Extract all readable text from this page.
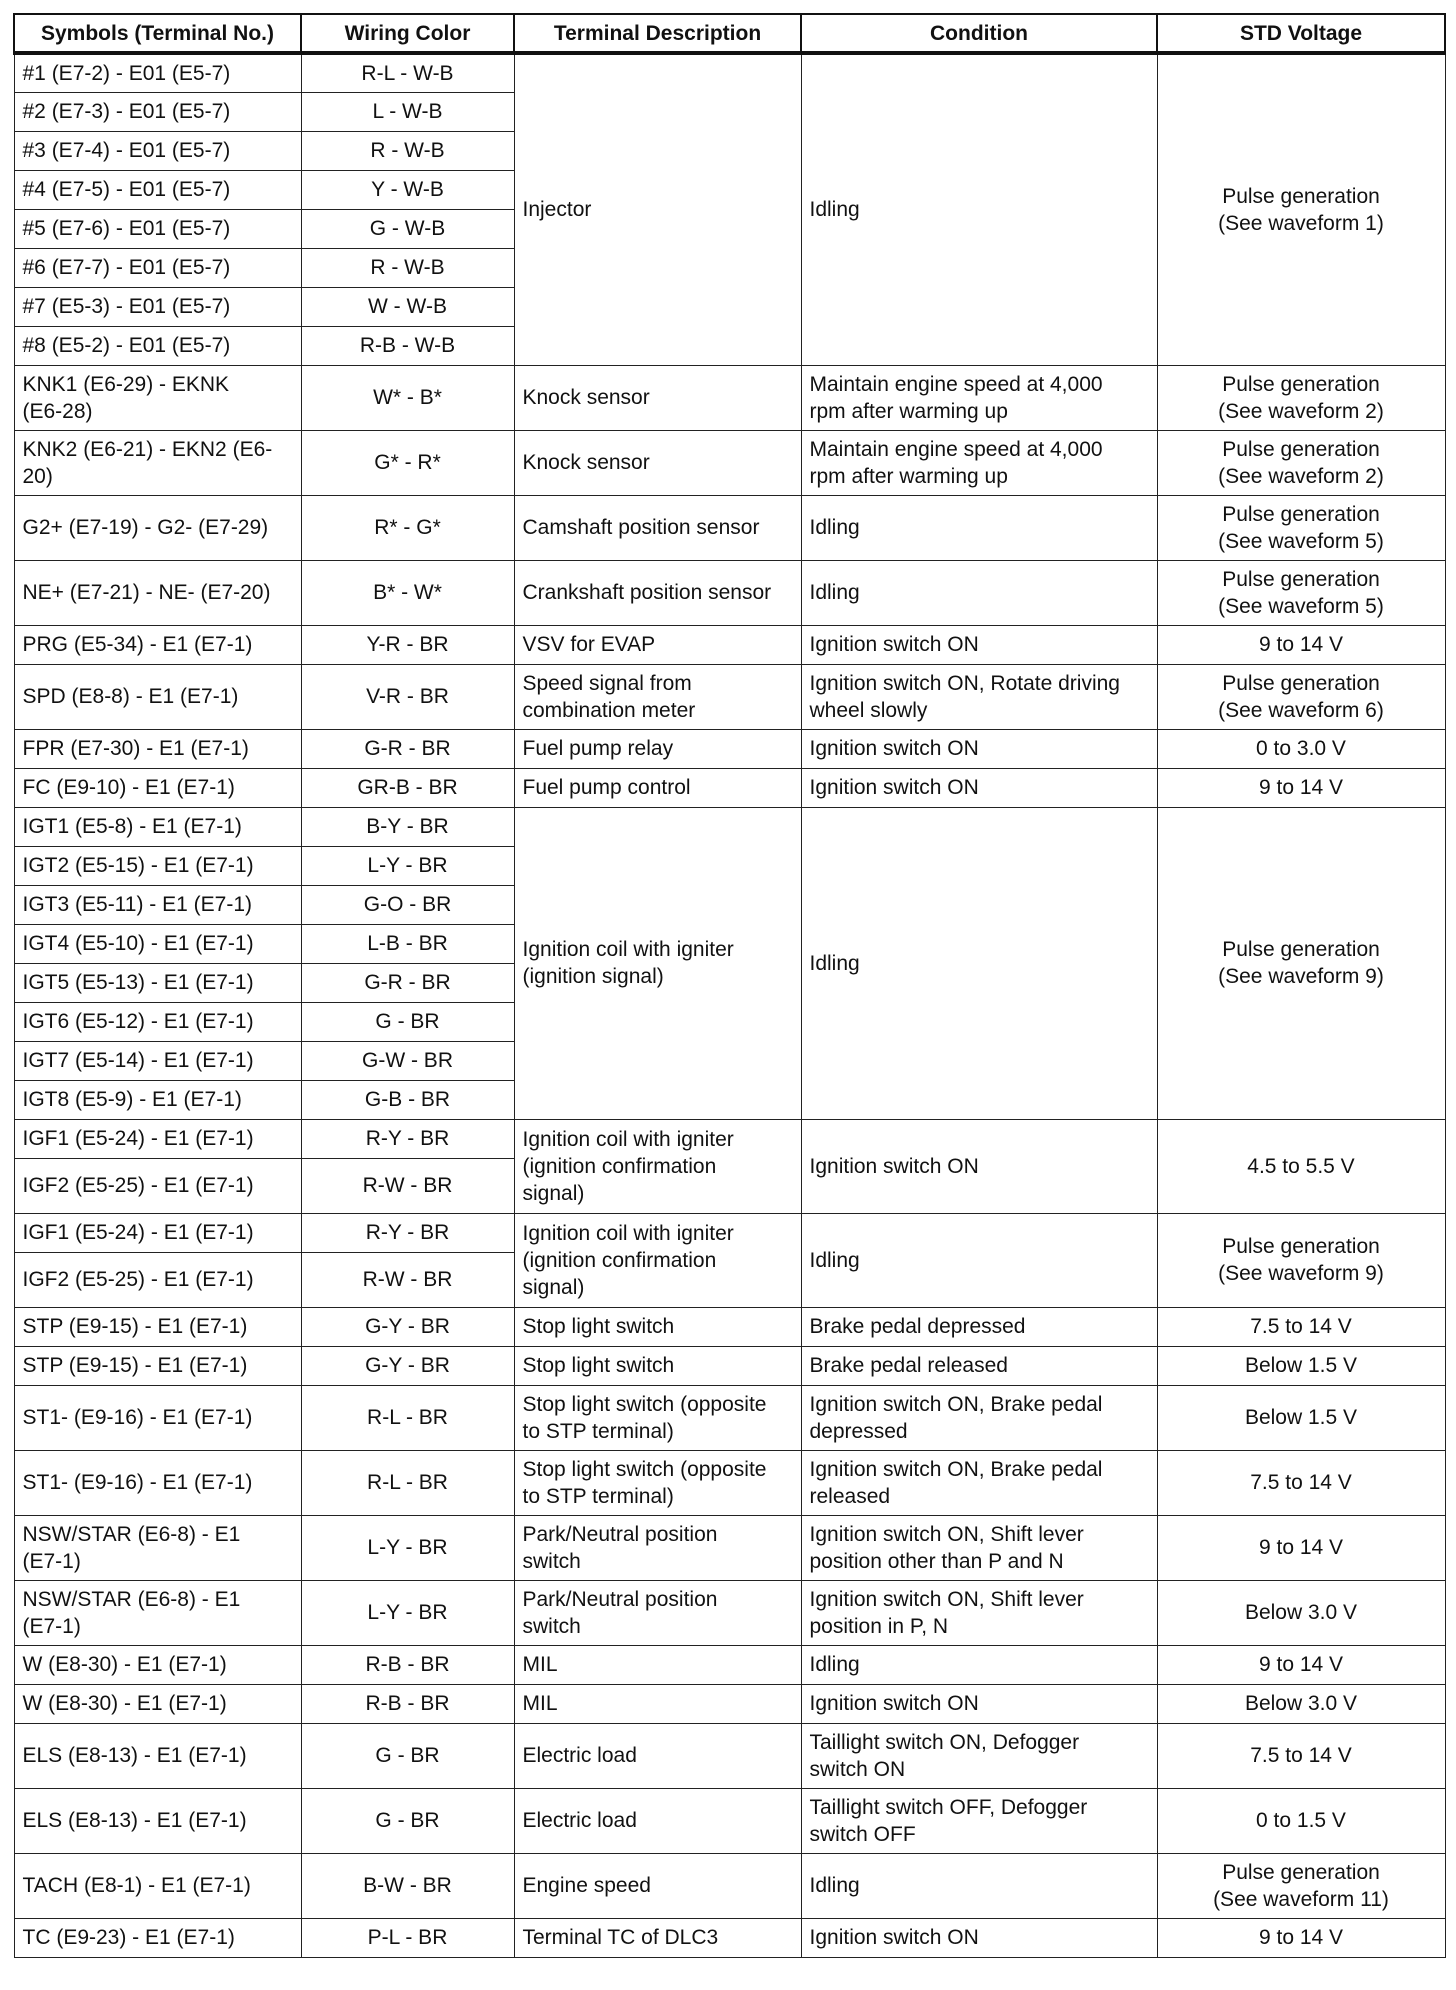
Symbols (Terminal No.)	Wiring Color	Terminal Description	Condition	STD Voltage
#1 (E7-2) - E01 (E5-7)	R-L - W-B	Injector	Idling	Pulse generation
(See waveform 1)
#2 (E7-3) - E01 (E5-7)	L - W-B			
#3 (E7-4) - E01 (E5-7)	R - W-B			
#4 (E7-5) - E01 (E5-7)	Y - W-B			
#5 (E7-6) - E01 (E5-7)	G - W-B			
#6 (E7-7) - E01 (E5-7)	R - W-B			
#7 (E5-3) - E01 (E5-7)	W - W-B			
#8 (E5-2) - E01 (E5-7)	R-B - W-B			
KNK1 (E6-29) - EKNK
(E6-28)	W* - B*	Knock sensor	Maintain engine speed at 4,000
rpm after warming up	Pulse generation
(See waveform 2)
KNK2 (E6-21) - EKN2 (E6-
20)	G* - R*	Knock sensor	Maintain engine speed at 4,000
rpm after warming up	Pulse generation
(See waveform 2)
G2+ (E7-19) - G2- (E7-29)	R* - G*	Camshaft position sensor	Idling	Pulse generation
(See waveform 5)
NE+ (E7-21) - NE- (E7-20)	B* - W*	Crankshaft position sensor	Idling	Pulse generation
(See waveform 5)
PRG (E5-34) - E1 (E7-1)	Y-R - BR	VSV for EVAP	Ignition switch ON	9 to 14 V
SPD (E8-8) - E1 (E7-1)	V-R - BR	Speed signal from
combination meter	Ignition switch ON, Rotate driving
wheel slowly	Pulse generation
(See waveform 6)
FPR (E7-30) - E1 (E7-1)	G-R - BR	Fuel pump relay	Ignition switch ON	0 to 3.0 V
FC (E9-10) - E1 (E7-1)	GR-B - BR	Fuel pump control	Ignition switch ON	9 to 14 V
IGT1 (E5-8) - E1 (E7-1)	B-Y - BR	Ignition coil with igniter
(ignition signal)	Idling	Pulse generation
(See waveform 9)
IGT2 (E5-15) - E1 (E7-1)	L-Y - BR			
IGT3 (E5-11) - E1 (E7-1)	G-O - BR			
IGT4 (E5-10) - E1 (E7-1)	L-B - BR			
IGT5 (E5-13) - E1 (E7-1)	G-R - BR			
IGT6 (E5-12) - E1 (E7-1)	G - BR			
IGT7 (E5-14) - E1 (E7-1)	G-W - BR			
IGT8 (E5-9) - E1 (E7-1)	G-B - BR			
IGF1 (E5-24) - E1 (E7-1)	R-Y - BR	Ignition coil with igniter
(ignition confirmation
signal)	Ignition switch ON	4.5 to 5.5 V
IGF2 (E5-25) - E1 (E7-1)	R-W - BR			
IGF1 (E5-24) - E1 (E7-1)	R-Y - BR	Ignition coil with igniter
(ignition confirmation
signal)	Idling	Pulse generation
(See waveform 9)
IGF2 (E5-25) - E1 (E7-1)	R-W - BR			
STP (E9-15) - E1 (E7-1)	G-Y - BR	Stop light switch	Brake pedal depressed	7.5 to 14 V
STP (E9-15) - E1 (E7-1)	G-Y - BR	Stop light switch	Brake pedal released	Below 1.5 V
ST1- (E9-16) - E1 (E7-1)	R-L - BR	Stop light switch (opposite
to STP terminal)	Ignition switch ON, Brake pedal
depressed	Below 1.5 V
ST1- (E9-16) - E1 (E7-1)	R-L - BR	Stop light switch (opposite
to STP terminal)	Ignition switch ON, Brake pedal
released	7.5 to 14 V
NSW/STAR (E6-8) - E1
(E7-1)	L-Y - BR	Park/Neutral position
switch	Ignition switch ON, Shift lever
position other than P and N	9 to 14 V
NSW/STAR (E6-8) - E1
(E7-1)	L-Y - BR	Park/Neutral position
switch	Ignition switch ON, Shift lever
position in P, N	Below 3.0 V
W (E8-30) - E1 (E7-1)	R-B - BR	MIL	Idling	9 to 14 V
W (E8-30) - E1 (E7-1)	R-B - BR	MIL	Ignition switch ON	Below 3.0 V
ELS (E8-13) - E1 (E7-1)	G - BR	Electric load	Taillight switch ON, Defogger
switch ON	7.5 to 14 V
ELS (E8-13) - E1 (E7-1)	G - BR	Electric load	Taillight switch OFF, Defogger
switch OFF	0 to 1.5 V
TACH (E8-1) - E1 (E7-1)	B-W - BR	Engine speed	Idling	Pulse generation
(See waveform 11)
TC (E9-23) - E1 (E7-1)	P-L - BR	Terminal TC of DLC3	Ignition switch ON	9 to 14 V
